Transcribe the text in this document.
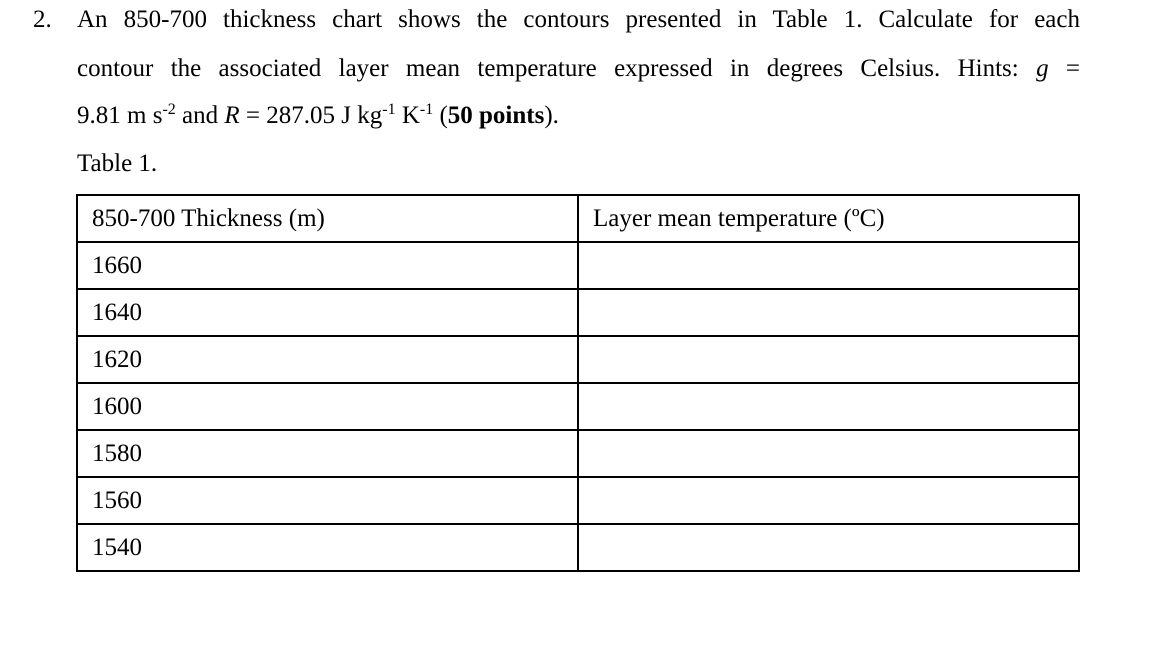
2. An 850-700 thickness chart shows the contours presented in Table 1. Calculate for each
contour the associated layer mean temperature expressed in degrees Celsius. Hints: g =
9.81 m $s^{-2}$ and R = 287.05 J $kg^{-1}$ $K^{-1}$ (50 points).
Table 1.
850-700 Thickness (m)	Layer mean temperature (ºC)
1660	
1640	
1620	
1600	
1580	
1560	
1540	
